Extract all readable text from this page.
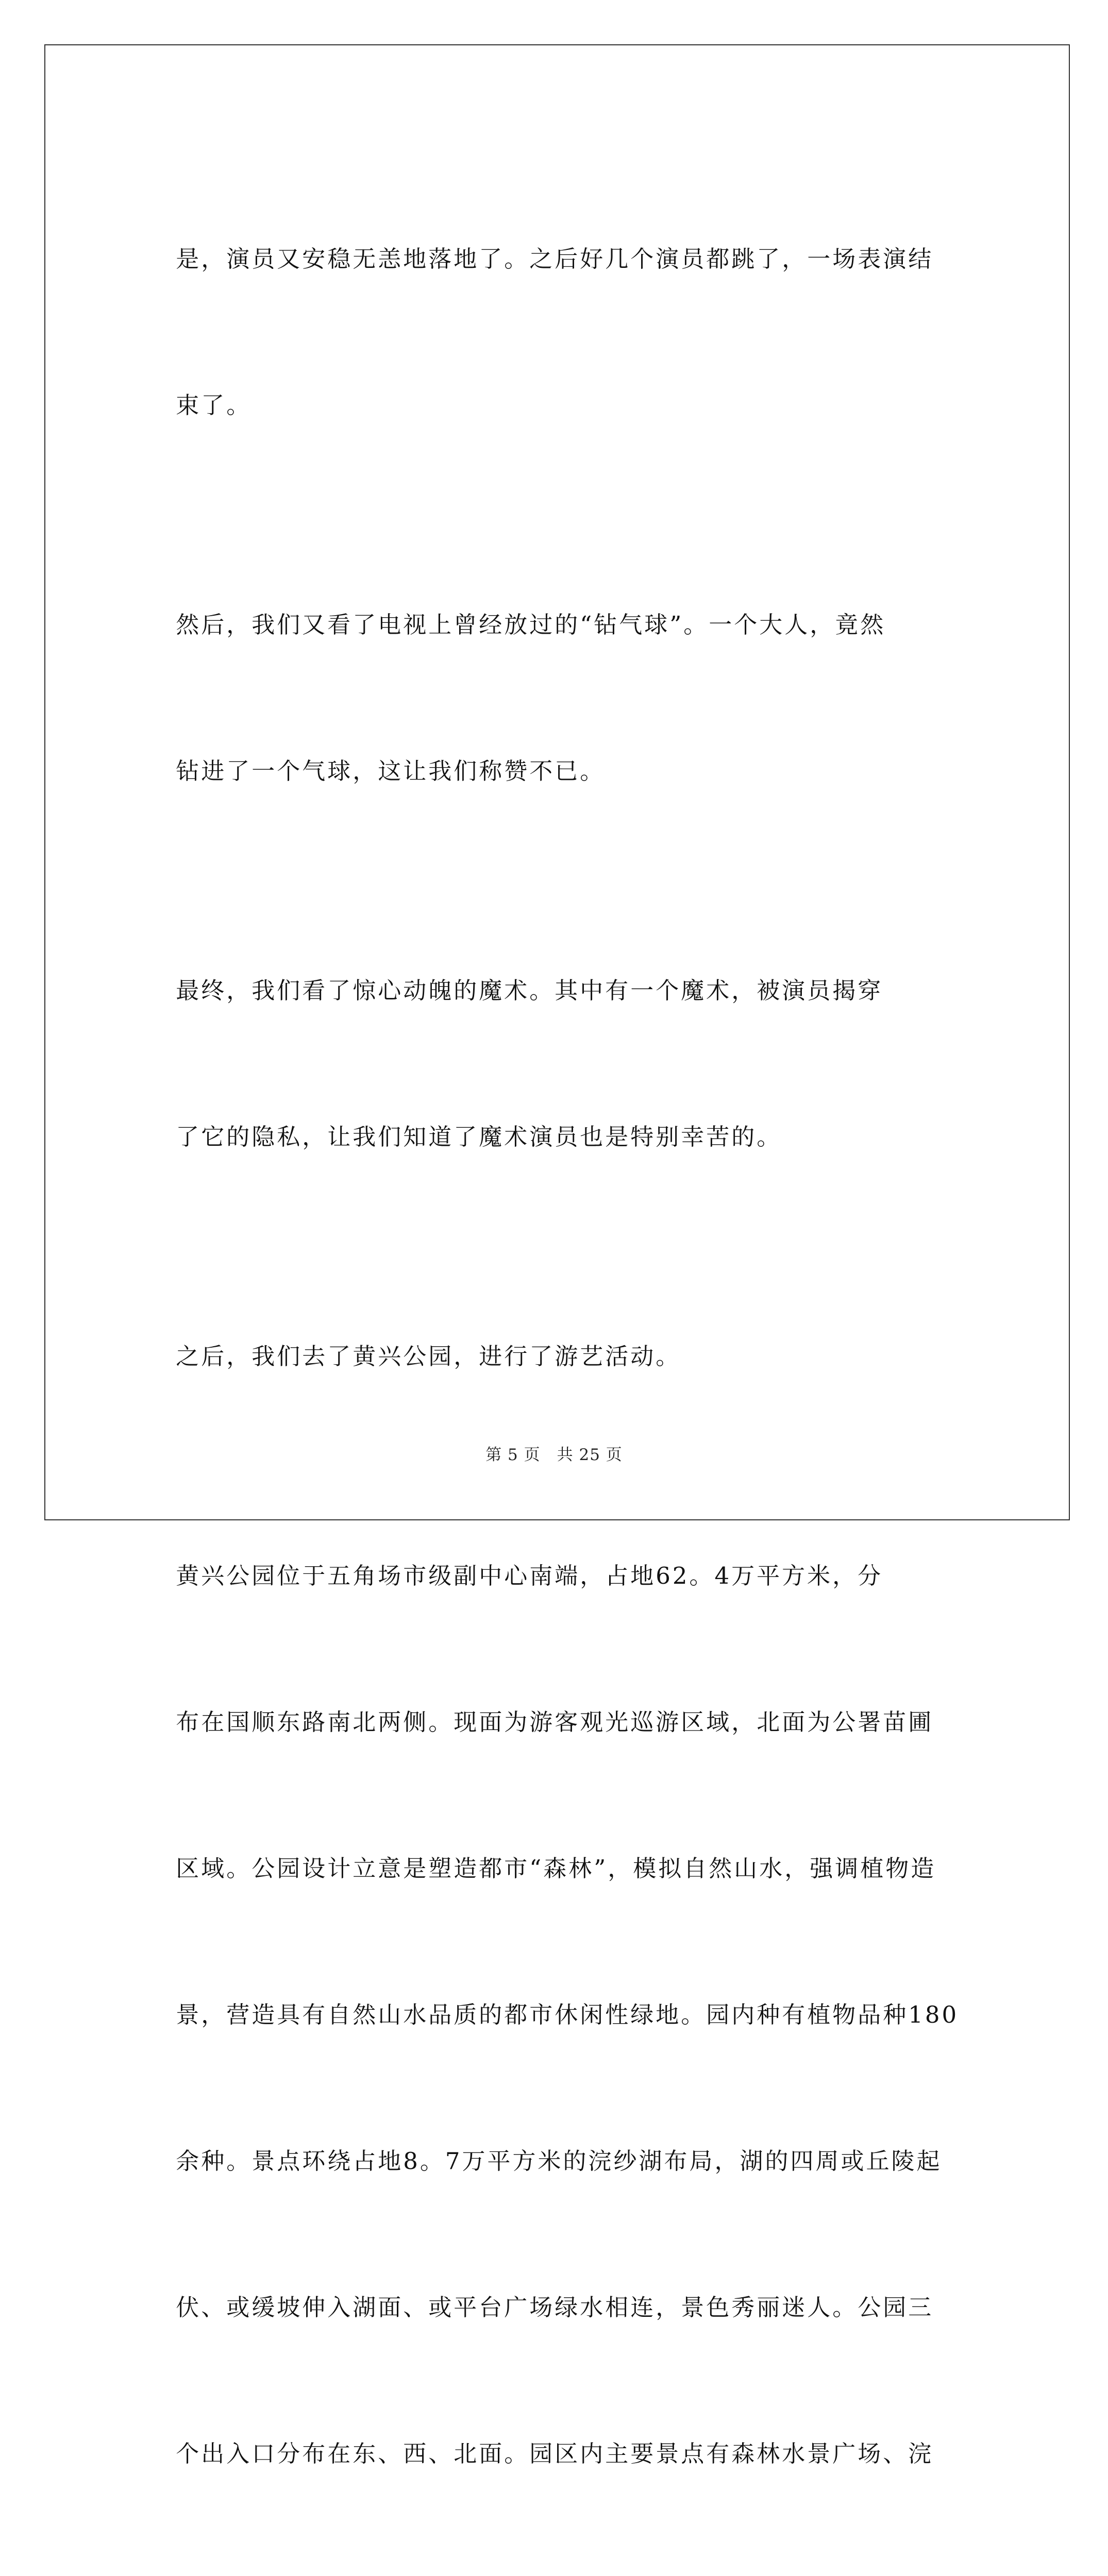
是，演员又安稳无恙地落地了。之后好几个演员都跳了，一场表演结

束了。

然后，我们又看了电视上曾经放过的“钻气球”。一个大人，竟然

钻进了一个气球，这让我们称赞不已。

最终，我们看了惊心动魄的魔术。其中有一个魔术，被演员揭穿

了它的隐私，让我们知道了魔术演员也是特别幸苦的。

之后，我们去了黄兴公园，进行了游艺活动。

黄兴公园位于五角场市级副中心南端，占地62。4万平方米，分

布在国顺东路南北两侧。现面为游客观光巡游区域，北面为公署苗圃

区域。公园设计立意是塑造都市“森林”，模拟自然山水，强调植物造

景，营造具有自然山水品质的都市休闲性绿地。园内种有植物品种180

余种。景点环绕占地8。7万平方米的浣纱湖布局，湖的四周或丘陵起

伏、或缓坡伸入湖面、或平台广场绿水相连，景色秀丽迷人。公园三

个出入口分布在东、西、北面。园区内主要景点有森林水景广场、浣

第 5 页　共 25 页
